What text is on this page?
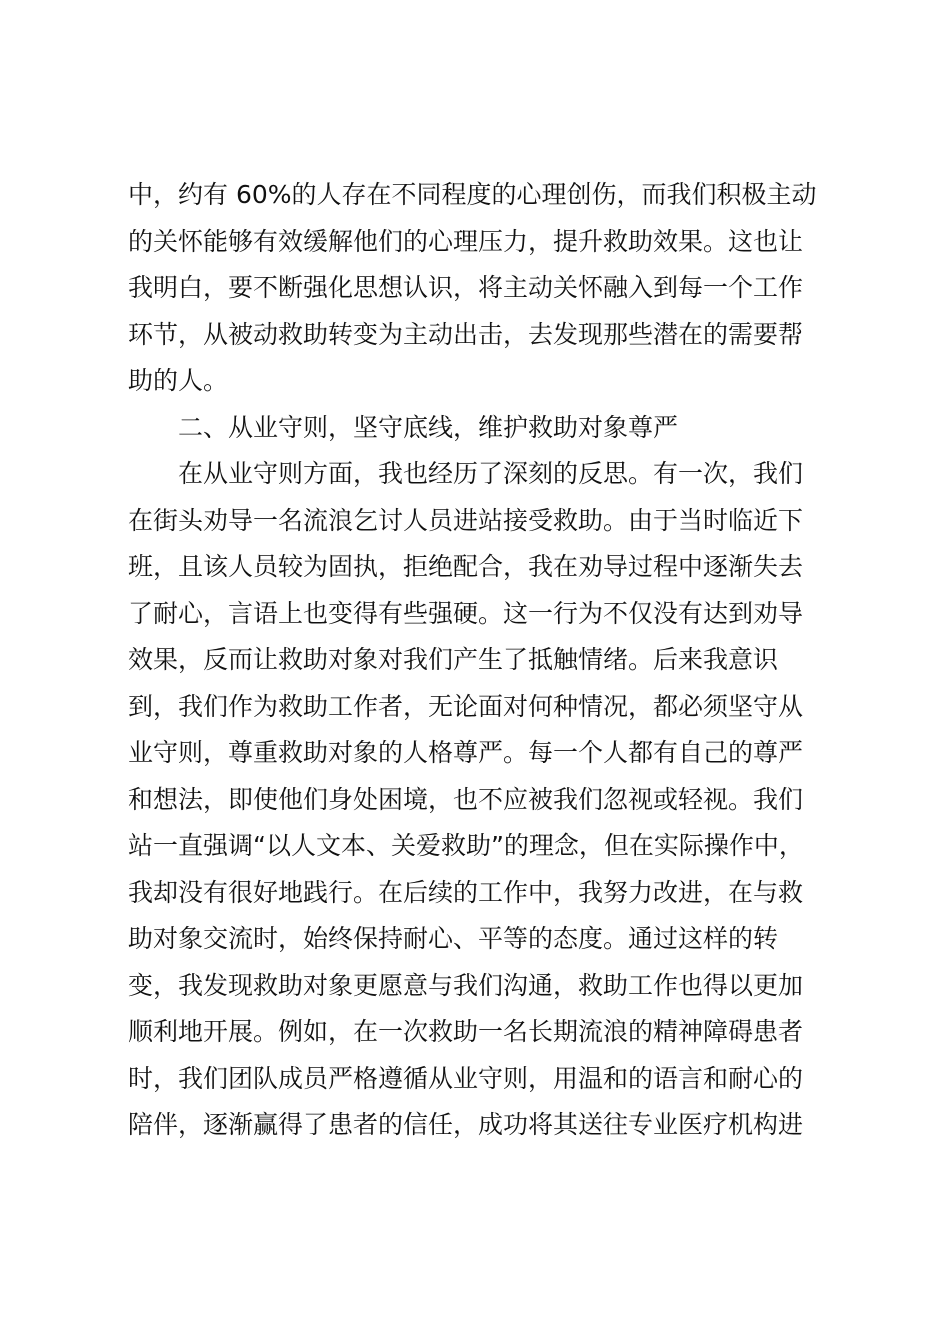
中，约有 60%的人存在不同程度的心理创伤，而我们积极主动
的关怀能够有效缓解他们的心理压力，提升救助效果。这也让
我明白，要不断强化思想认识，将主动关怀融入到每一个工作
环节，从被动救助转变为主动出击，去发现那些潜在的需要帮
助的人。
二、从业守则，坚守底线，维护救助对象尊严
在从业守则方面，我也经历了深刻的反思。有一次，我们
在街头劝导一名流浪乞讨人员进站接受救助。由于当时临近下
班，且该人员较为固执，拒绝配合，我在劝导过程中逐渐失去
了耐心，言语上也变得有些强硬。这一行为不仅没有达到劝导
效果，反而让救助对象对我们产生了抵触情绪。后来我意识
到，我们作为救助工作者，无论面对何种情况，都必须坚守从
业守则，尊重救助对象的人格尊严。每一个人都有自己的尊严
和想法，即使他们身处困境，也不应被我们忽视或轻视。我们
站一直强调“以人文本、关爱救助”的理念，但在实际操作中，
我却没有很好地践行。在后续的工作中，我努力改进，在与救
助对象交流时，始终保持耐心、平等的态度。通过这样的转
变，我发现救助对象更愿意与我们沟通，救助工作也得以更加
顺利地开展。例如，在一次救助一名长期流浪的精神障碍患者
时，我们团队成员严格遵循从业守则，用温和的语言和耐心的
陪伴，逐渐赢得了患者的信任，成功将其送往专业医疗机构进
